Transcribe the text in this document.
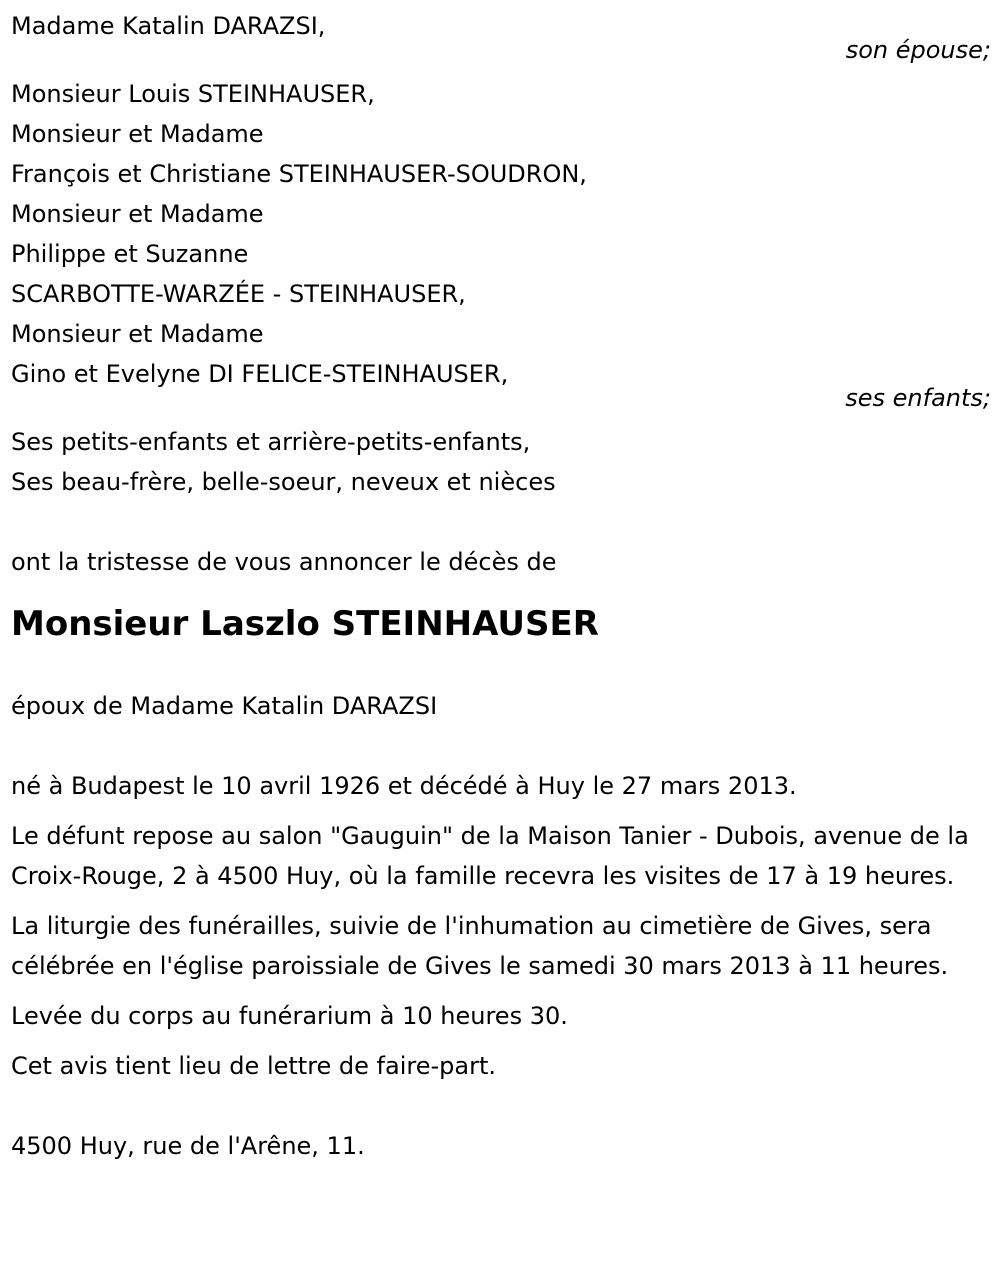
Madame Katalin DARAZSI,
son épouse;
Monsieur Louis STEINHAUSER,
Monsieur et Madame
François et Christiane STEINHAUSER-SOUDRON,
Monsieur et Madame
Philippe et Suzanne
SCARBOTTE-WARZÉE - STEINHAUSER,
Monsieur et Madame
Gino et Evelyne DI FELICE-STEINHAUSER,
ses enfants;
Ses petits-enfants et arrière-petits-enfants,
Ses beau-frère, belle-soeur, neveux et nièces
ont la tristesse de vous annoncer le décès de
Monsieur Laszlo STEINHAUSER
époux de Madame Katalin DARAZSI
né à Budapest le 10 avril 1926 et décédé à Huy le 27 mars 2013.

Le défunt repose au salon "Gauguin" de la Maison Tanier - Dubois, avenue de la Croix-Rouge, 2 à 4500 Huy, où la famille recevra les visites de 17 à 19 heures.

La liturgie des funérailles, suivie de l'inhumation au cimetière de Gives, sera célébrée en l'église paroissiale de Gives le samedi 30 mars 2013 à 11 heures.

Levée du corps au funérarium à 10 heures 30.
Cet avis tient lieu de lettre de faire-part.
4500 Huy, rue de l'Arêne, 11.
